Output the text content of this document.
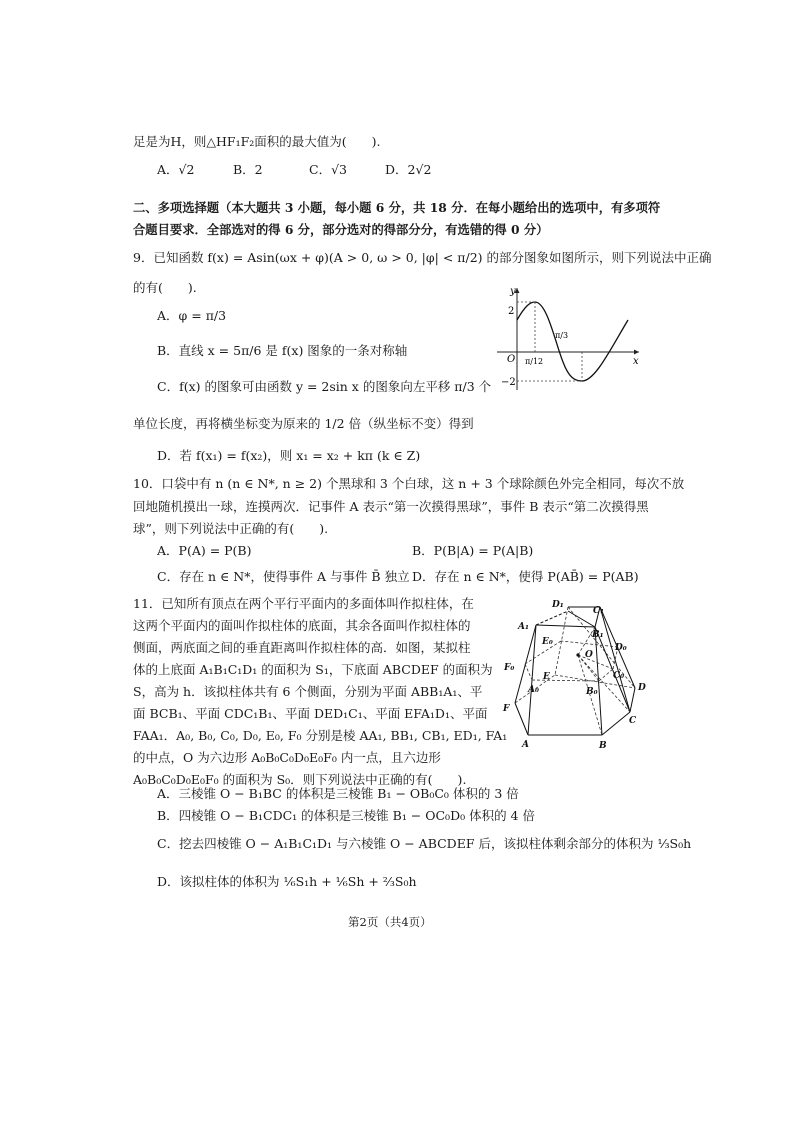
足是为H，则△HF₁F₂面积的最大值为(　　).
A．√2	B．2	C．√3	D．2√2
二、多项选择题（本大题共 3 小题，每小题 6 分，共 18 分．在每小题给出的选项中，有多项符
合题目要求．全部选对的得 6 分，部分选对的得部分分，有选错的得 0 分）
9．已知函数 f(x) = Asin(ωx + φ)(A > 0, ω > 0, |φ| < π/2) 的部分图象如图所示，则下列说法中正确
的有(　　).
A．φ = π/3
B．直线 x = 5π/6 是 f(x) 图象的一条对称轴
C．f(x) 的图象可由函数 y = 2sin x 的图象向左平移 π/3 个
单位长度，再将横坐标变为原来的 1/2 倍（纵坐标不变）得到
D．若 f(x₁) = f(x₂)，则 x₁ = x₂ + kπ (k ∈ Z)
y
x
O
2
−2
π/12
π/3
10．口袋中有 n (n ∈ N*, n ≥ 2) 个黑球和 3 个白球，这 n + 3 个球除颜色外完全相同，每次不放
回地随机摸出一球，连摸两次．记事件 A 表示“第一次摸得黑球”，事件 B 表示“第二次摸得黑
球”，则下列说法中正确的有(　　).
A．P(A) = P(B)	B．P(B|A) = P(A|B)
C．存在 n ∈ N*，使得事件 A 与事件 B̄ 独立 D．存在 n ∈ N*，使得 P(AB̄) = P(AB)
11．已知所有顶点在两个平行平面内的多面体叫作拟柱体，在
这两个平面内的面叫作拟柱体的底面，其余各面叫作拟柱体的
侧面，两底面之间的垂直距离叫作拟柱体的高．如图，某拟柱
体的上底面 A₁B₁C₁D₁ 的面积为 S₁，下底面 ABCDEF 的面积为
S，高为 h．该拟柱体共有 6 个侧面，分别为平面 ABB₁A₁、平
面 BCB₁、平面 CDC₁B₁、平面 DED₁C₁、平面 EFA₁D₁、平面
FAA₁．A₀, B₀, C₀, D₀, E₀, F₀ 分别是棱 AA₁, BB₁, CB₁, ED₁, FA₁
的中点，O 为六边形 A₀B₀C₀D₀E₀F₀ 内一点，且六边形
A₀B₀C₀D₀E₀F₀ 的面积为 S₀．则下列说法中正确的有(　　).
A	B
C
D
E
F
A₁
B₁
C₁
D₁
A₀	B₀
C₀
D₀
E₀
F₀
O
A．三棱锥 O − B₁BC 的体积是三棱锥 B₁ − OB₀C₀ 体积的 3 倍
B．四棱锥 O − B₁CDC₁ 的体积是三棱锥 B₁ − OC₀D₀ 体积的 4 倍
C．挖去四棱锥 O − A₁B₁C₁D₁ 与六棱锥 O − ABCDEF 后，该拟柱体剩余部分的体积为 ⅓S₀h
D．该拟柱体的体积为 ⅙S₁h + ⅙Sh + ⅔S₀h
第2页（共4页）
